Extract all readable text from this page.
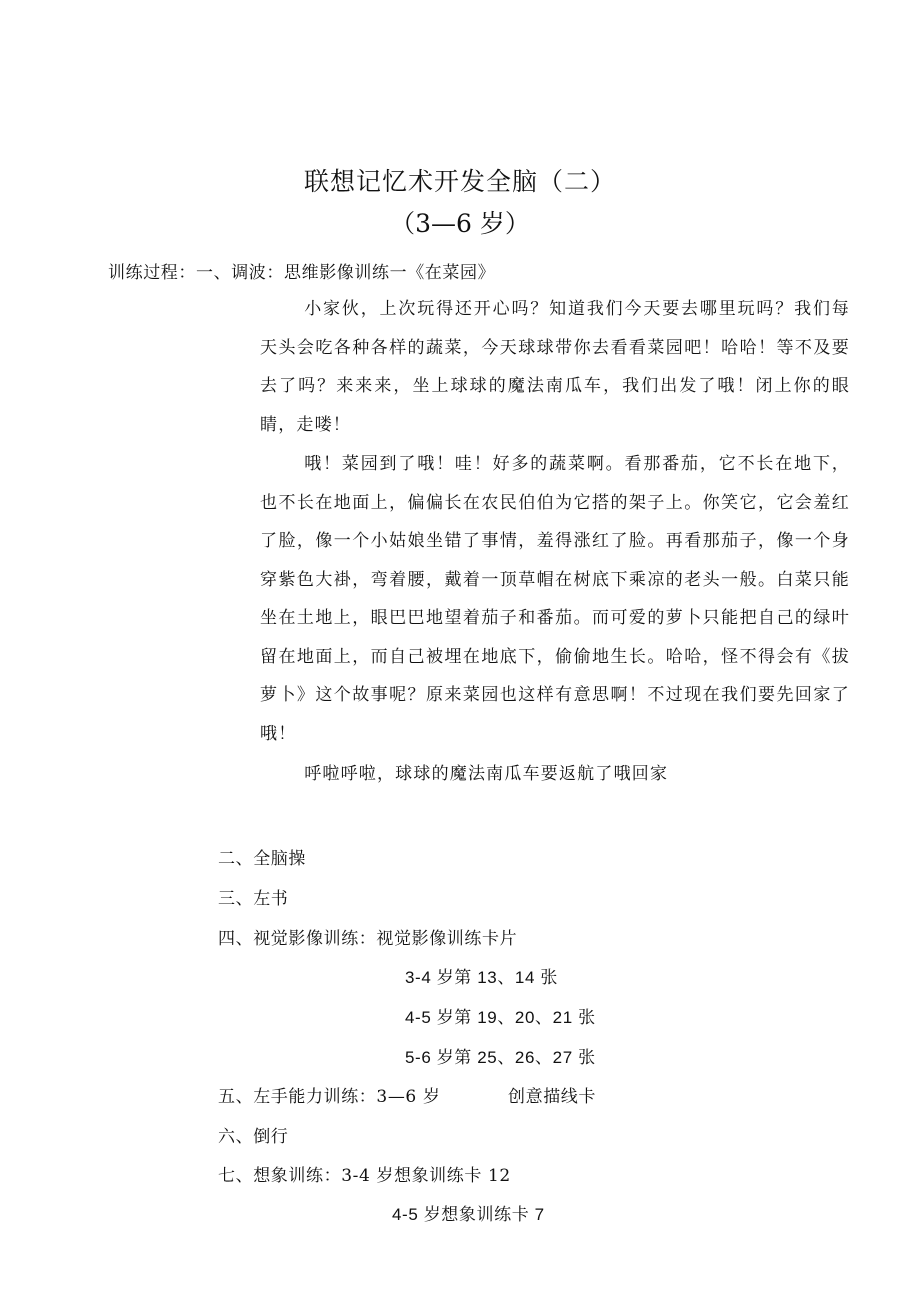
联想记忆术开发全脑（二）
（3—6 岁）
训练过程：一、调波：思维影像训练一《在菜园》
小家伙，上次玩得还开心吗？知道我们今天要去哪里玩吗？我们每天头会吃各种各样的蔬菜，今天球球带你去看看菜园吧！哈哈！等不及要去了吗？来来来，坐上球球的魔法南瓜车，我们出发了哦！闭上你的眼睛，走喽！
哦！菜园到了哦！哇！好多的蔬菜啊。看那番茄，它不长在地下，也不长在地面上，偏偏长在农民伯伯为它搭的架子上。你笑它，它会羞红了脸，像一个小姑娘坐错了事情，羞得涨红了脸。再看那茄子，像一个身穿紫色大褂，弯着腰，戴着一顶草帽在树底下乘凉的老头一般。白菜只能坐在土地上，眼巴巴地望着茄子和番茄。而可爱的萝卜只能把自己的绿叶留在地面上，而自己被埋在地底下，偷偷地生长。哈哈，怪不得会有《拔萝卜》这个故事呢？原来菜园也这样有意思啊！不过现在我们要先回家了哦！
呼啦呼啦，球球的魔法南瓜车要返航了哦回家
二、全脑操
三、左书
四、视觉影像训练：视觉影像训练卡片
3-4 岁第 13、14 张
4-5 岁第 19、20、21 张
5-6 岁第 25、26、27 张
五、左手能力训练：3—6 岁	创意描线卡
六、倒行
七、想象训练：3-4 岁想象训练卡 12
4-5 岁想象训练卡 7
